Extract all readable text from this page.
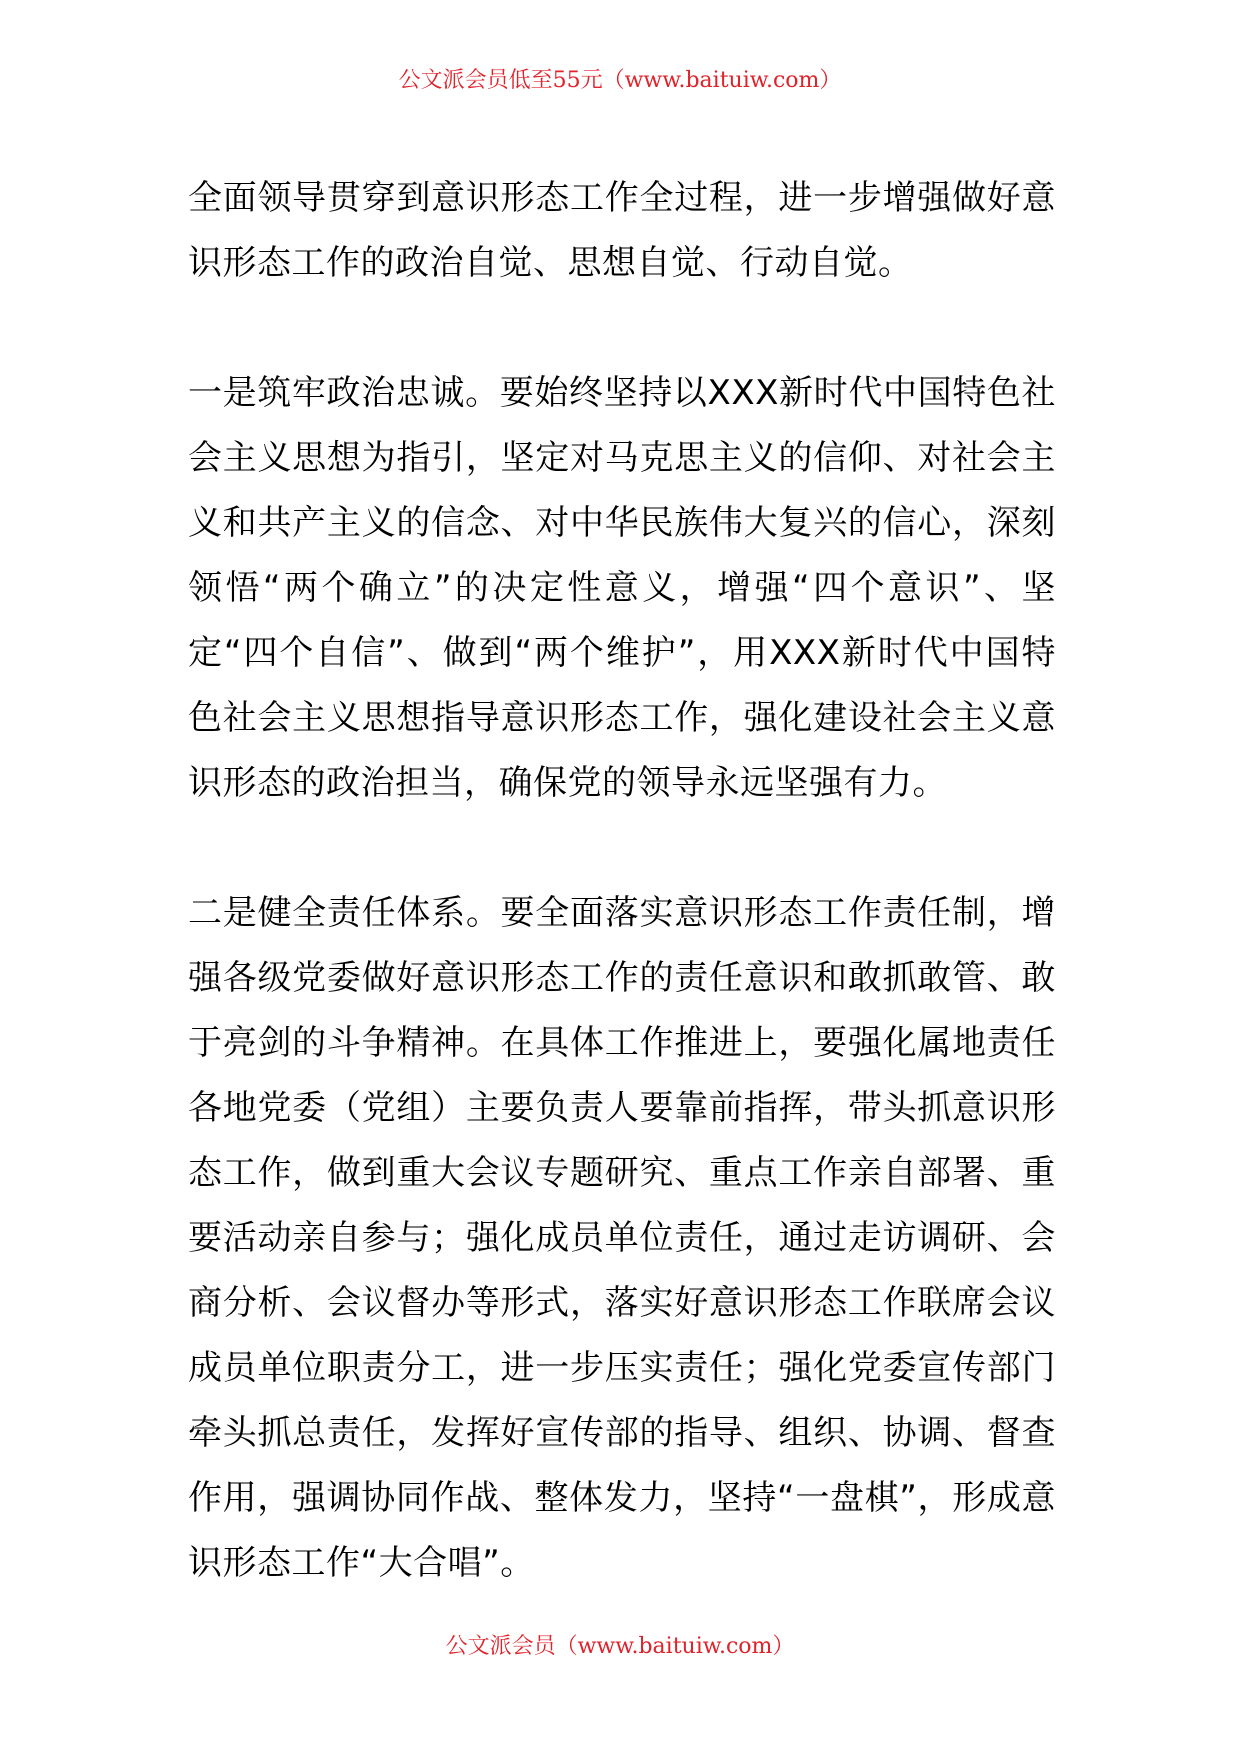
公文派会员低至55元（www.baituiw.com）

全面领导贯穿到意识形态工作全过程，进一步增强做好意识形态工作的政治自觉、思想自觉、行动自觉。

一是筑牢政治忠诚。要始终坚持以XXX新时代中国特色社会主义思想为指引，坚定对马克思主义的信仰、对社会主义和共产主义的信念、对中华民族伟大复兴的信心，深刻领悟“两个确立”的决定性意义，增强“四个意识”、坚定“四个自信”、做到“两个维护”，用XXX新时代中国特色社会主义思想指导意识形态工作，强化建设社会主义意识形态的政治担当，确保党的领导永远坚强有力。

二是健全责任体系。要全面落实意识形态工作责任制，增强各级党委做好意识形态工作的责任意识和敢抓敢管、敢于亮剑的斗争精神。在具体工作推进上，要强化属地责任各地党委（党组）主要负责人要靠前指挥，带头抓意识形态工作，做到重大会议专题研究、重点工作亲自部署、重要活动亲自参与；强化成员单位责任，通过走访调研、会商分析、会议督办等形式，落实好意识形态工作联席会议成员单位职责分工，进一步压实责任；强化党委宣传部门牵头抓总责任，发挥好宣传部的指导、组织、协调、督查作用，强调协同作战、整体发力，坚持“一盘棋”，形成意识形态工作“大合唱”。

公文派会员（www.baituiw.com）
